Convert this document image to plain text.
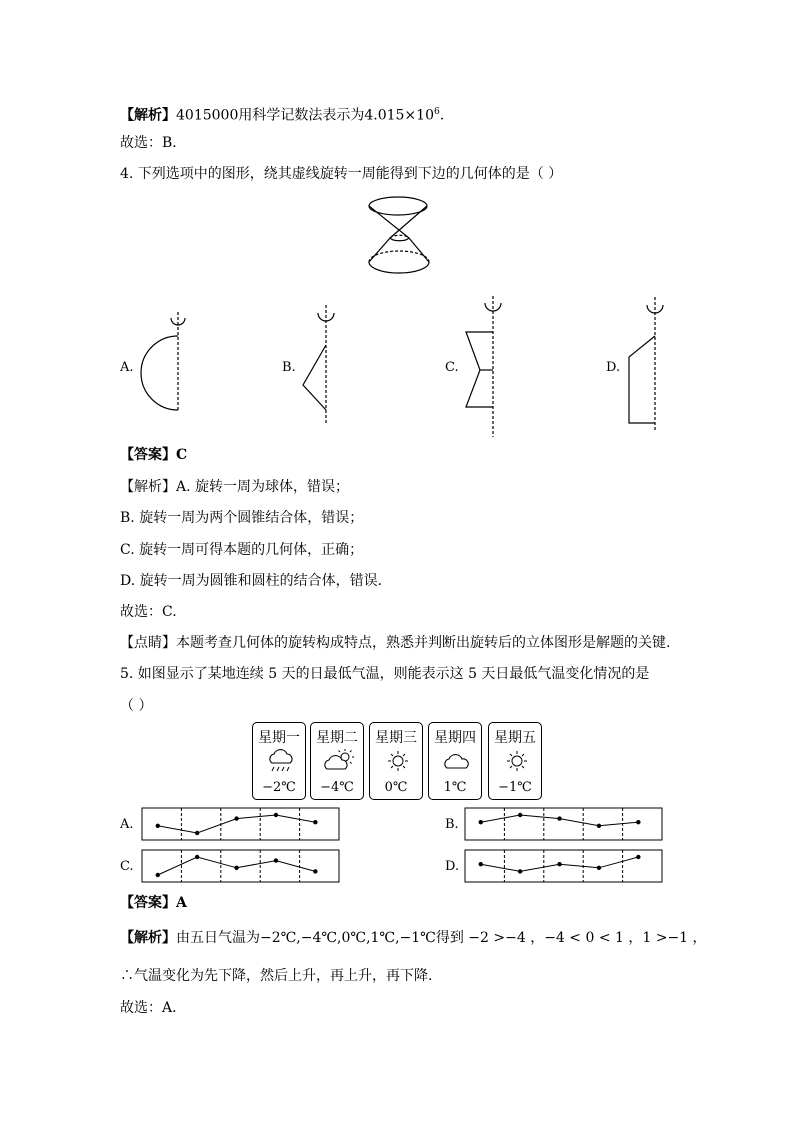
【解析】4015000用科学记数法表示为$4.015\times 10^6$.
故选：B．
4. 下列选项中的图形，绕其虚线旋转一周能得到下边的几何体的是（ ）
A.	B.	C.	D.
【答案】C
【解析】A. 旋转一周为球体，错误；
B. 旋转一周为两个圆锥结合体，错误；
C. 旋转一周可得本题的几何体，正确；
D. 旋转一周为圆锥和圆柱的结合体，错误.
故选：C.
【点睛】本题考查几何体的旋转构成特点，熟悉并判断出旋转后的立体图形是解题的关键.
5. 如图显示了某地连续 5 天的日最低气温，则能表示这 5 天日最低气温变化情况的是
（ ）
星期一
−2℃
星期二
−4℃
星期三
0℃
星期四
1℃
星期五
−1℃
A.	B.
C.	D.
【答案】A
【解析】由五日气温为−2℃,−4℃,0℃,1℃,−1℃得到 −2 >−4 ，−4 < 0 < 1 ，1 >−1 ，
∴气温变化为先下降，然后上升，再上升，再下降.
故选：A．
